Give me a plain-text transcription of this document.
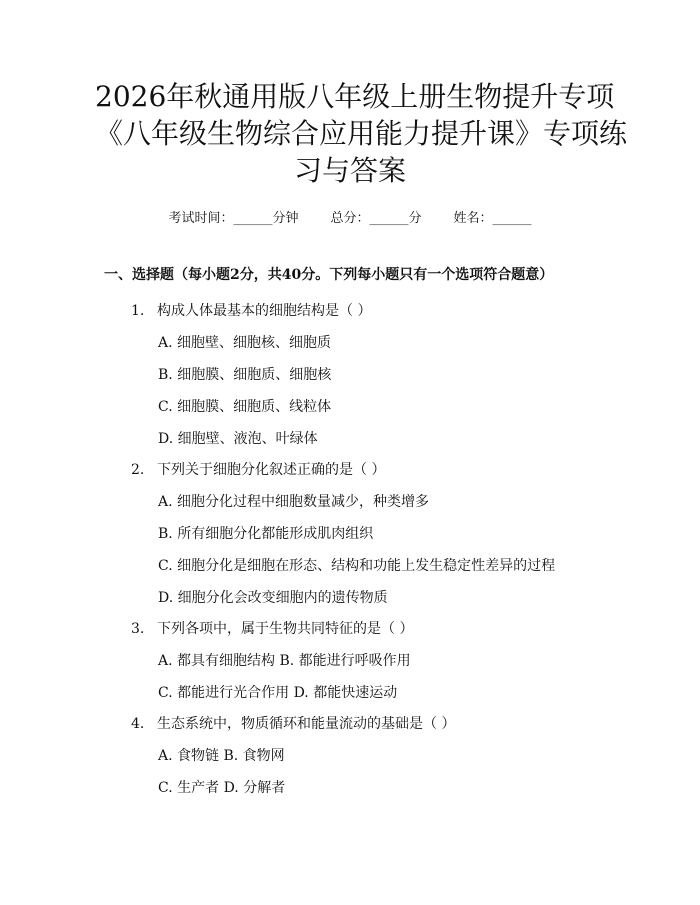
2026年秋通用版八年级上册生物提升专项
《八年级生物综合应用能力提升课》专项练
习与答案
考试时间：______分钟 总分：______分 姓名：______
一、选择题（每小题2分，共40分。下列每小题只有一个选项符合题意）
1. 构成人体最基本的细胞结构是（ ）
A. 细胞壁、细胞核、细胞质
B. 细胞膜、细胞质、细胞核
C. 细胞膜、细胞质、线粒体
D. 细胞壁、液泡、叶绿体
2. 下列关于细胞分化叙述正确的是（ ）
A. 细胞分化过程中细胞数量减少，种类增多
B. 所有细胞分化都能形成肌肉组织
C. 细胞分化是细胞在形态、结构和功能上发生稳定性差异的过程
D. 细胞分化会改变细胞内的遗传物质
3. 下列各项中，属于生物共同特征的是（ ）
A. 都具有细胞结构 B. 都能进行呼吸作用
C. 都能进行光合作用 D. 都能快速运动
4. 生态系统中，物质循环和能量流动的基础是（ ）
A. 食物链 B. 食物网
C. 生产者 D. 分解者
